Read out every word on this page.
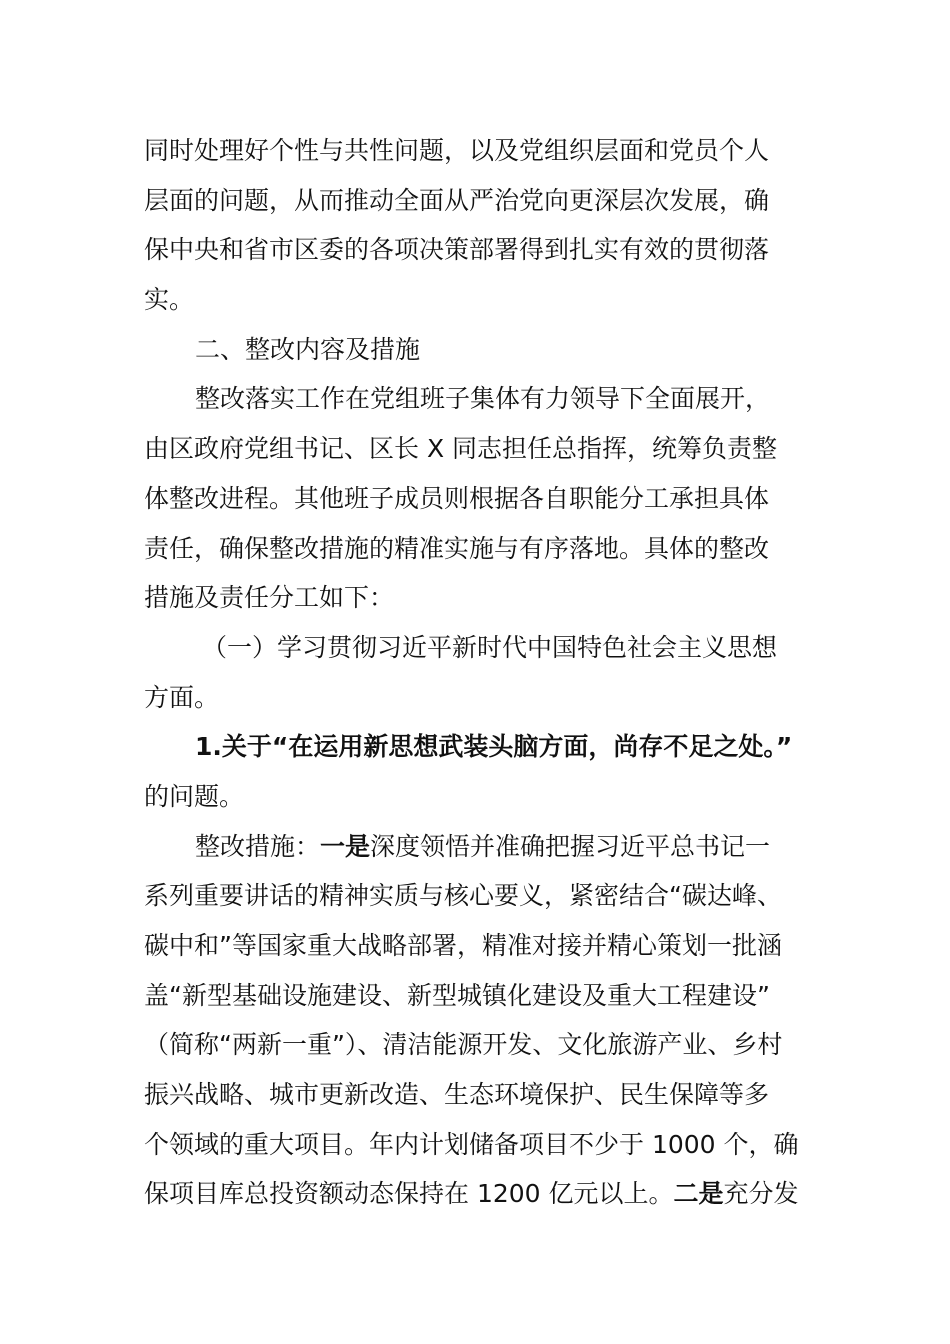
同时处理好个性与共性问题，以及党组织层面和党员个人
层面的问题，从而推动全面从严治党向更深层次发展，确
保中央和省市区委的各项决策部署得到扎实有效的贯彻落
实。
二、整改内容及措施
整改落实工作在党组班子集体有力领导下全面展开，
由区政府党组书记、区长 X 同志担任总指挥，统筹负责整
体整改进程。其他班子成员则根据各自职能分工承担具体
责任，确保整改措施的精准实施与有序落地。具体的整改
措施及责任分工如下：
（一）学习贯彻习近平新时代中国特色社会主义思想
方面。
1.关于“在运用新思想武装头脑方面，尚存不足之处。”
的问题。
整改措施：一是深度领悟并准确把握习近平总书记一
系列重要讲话的精神实质与核心要义，紧密结合“碳达峰、
碳中和”等国家重大战略部署，精准对接并精心策划一批涵
盖“新型基础设施建设、新型城镇化建设及重大工程建设”
（简称“两新一重”）、清洁能源开发、文化旅游产业、乡村
振兴战略、城市更新改造、生态环境保护、民生保障等多
个领域的重大项目。年内计划储备项目不少于 1000 个，确
保项目库总投资额动态保持在 1200 亿元以上。二是充分发
